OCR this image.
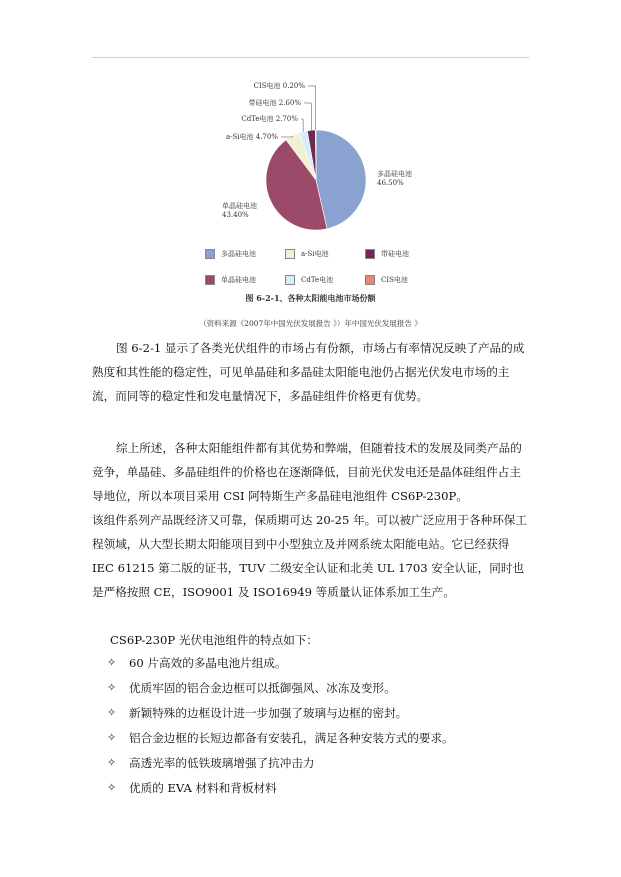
多晶硅电池
46.50%
单晶硅电池
43.40%
a-Si电池 4.70%
CdTe电池 2.70%
带硅电池 2.60%
CIS电池 0.20%
多晶硅电池	a-Si电池	带硅电池
单晶硅电池	CdTe电池	CIS电池
图 6-2-1、各种太阳能电池市场份额
（资料来源《2007年中国光伏发展报告 》）年中国光伏发展报告 》

图 6-2-1 显示了各类光伏组件的市场占有份额，市场占有率情况反映了产品的成熟度和其性能的稳定性，可见单晶硅和多晶硅太阳能电池仍占据光伏发电市场的主流，而同等的稳定性和发电量情况下，多晶硅组件价格更有优势。

综上所述，各种太阳能组件都有其优势和弊端，但随着技术的发展及同类产品的竞争，单晶硅、多晶硅组件的价格也在逐渐降低，目前光伏发电还是晶体硅组件占主导地位，所以本项目采用 CSI 阿特斯生产多晶硅电池组件 CS6P-230P。

该组件系列产品既经济又可靠，保质期可达 20-25 年。可以被广泛应用于各种环保工程领域，从大型长期太阳能项目到中小型独立及并网系统太阳能电站。它已经获得 IEC 61215 第二版的证书，TUV 二级安全认证和北美 UL 1703 安全认证，同时也是严格按照 CE，ISO9001 及 ISO16949 等质量认证体系加工生产。

CS6P-230P 光伏电池组件的特点如下：

✧	60 片高效的多晶电池片组成。
✧	优质牢固的铝合金边框可以抵御强风、冰冻及变形。
✧	新颖特殊的边框设计进一步加强了玻璃与边框的密封。
✧	铝合金边框的长短边都备有安装孔，满足各种安装方式的要求。
✧	高透光率的低铁玻璃增强了抗冲击力
✧	优质的 EVA 材料和背板材料
